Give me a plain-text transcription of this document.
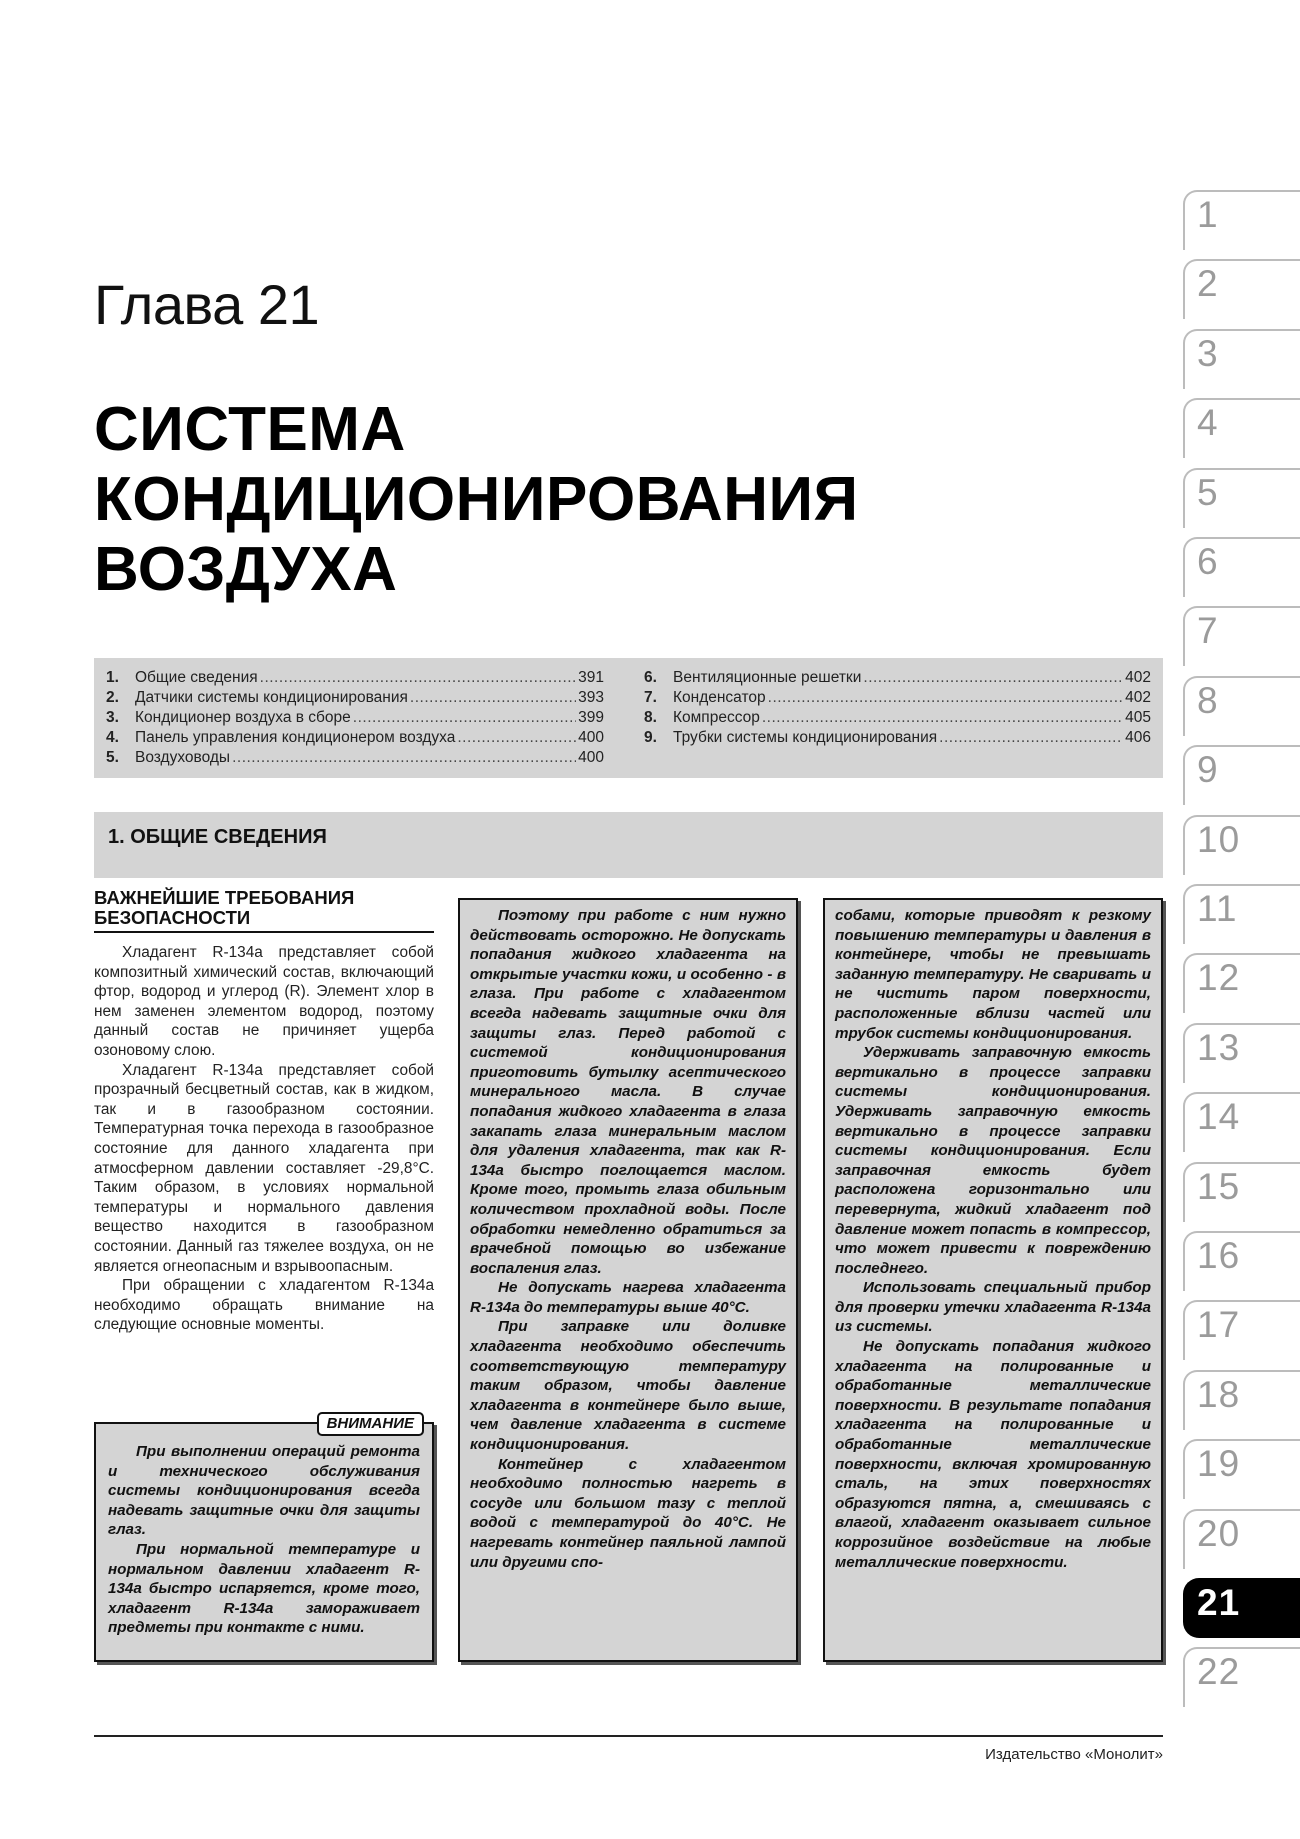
Глава 21
СИСТЕМА
КОНДИЦИОНИРОВАНИЯ
ВОЗДУХА
1.	Общие сведения .....	391
2.	Датчики системы кондиционирования .....	393
3.	Кондиционер воздуха в сборе .....	399
4.	Панель управления кондиционером воздуха .....	400
5.	Воздуховоды .....	400
6.	Вентиляционные решетки .....	402
7.	Конденсатор .....	402
8.	Компрессор .....	405
9.	Трубки системы кондиционирования .....	406
1. ОБЩИЕ СВЕДЕНИЯ
ВАЖНЕЙШИЕ ТРЕБОВАНИЯ
БЕЗОПАСНОСТИ

Хладагент R-134a представляет собой композитный химический состав, включающий фтор, водород и углерод (R). Элемент хлор в нем заменен элементом водород, поэтому данный состав не причиняет ущерба озоновому слою.

Хладагент R-134a представляет собой прозрачный бесцветный состав, как в жидком, так и в газообразном состоянии. Температурная точка перехода в газообразное состояние для данного хладагента при атмосферном давлении составляет -29,8°C. Таким образом, в условиях нормальной температуры и нормального давления вещество находится в газообразном состоянии. Данный газ тяжелее воздуха, он не является огнеопасным и взрывоопасным.

При обращении с хладагентом R-134a необходимо обращать внимание на следующие основные моменты.

ВНИМАНИЕ

При выполнении операций ремонта и технического обслуживания системы кондиционирования всегда надевать защитные очки для защиты глаз.

При нормальной температуре и нормальном давлении хладагент R-134a быстро испаряется, кроме того, хладагент R-134a замораживает предметы при контакте с ними.

Поэтому при работе с ним нужно действовать осторожно. Не допускать попадания жидкого хладагента на открытые участки кожи, и особенно - в глаза. При работе с хладагентом всегда надевать защитные очки для защиты глаз. Перед работой с системой кондиционирования приготовить бутылку асептического минерального масла. В случае попадания жидкого хладагента в глаза закапать глаза минеральным маслом для удаления хладагента, так как R-134a быстро поглощается маслом. Кроме того, промыть глаза обильным количеством прохладной воды. После обработки немедленно обратиться за врачебной помощью во избежание воспаления глаз.

Не допускать нагрева хладагента R-134a до температуры выше 40°C.

При заправке или доливке хладагента необходимо обеспечить соответствующую температуру таким образом, чтобы давление хладагента в контейнере было выше, чем давление хладагента в системе кондиционирования.

Контейнер с хладагентом необходимо полностью нагреть в сосуде или большом тазу с теплой водой с температурой до 40°C. Не нагревать контейнер паяльной лампой или другими спо-

собами, которые приводят к резкому повышению температуры и давления в контейнере, чтобы не превышать заданную температуру. Не сваривать и не чистить паром поверхности, расположенные вблизи частей или трубок системы кондиционирования.

Удерживать заправочную емкость вертикально в процессе заправки системы кондиционирования. Удерживать заправочную емкость вертикально в процессе заправки системы кондиционирования. Если заправочная емкость будет расположена горизонтально или перевернута, жидкий хладагент под давление может попасть в компрессор, что может привести к повреждению последнего.

Использовать специальный прибор для проверки утечки хладагента R-134a из системы.

Не допускать попадания жидкого хладагента на полированные и обработанные металлические поверхности. В результате попадания хладагента на полированные и обработанные металлические поверхности, включая хромированную сталь, на этих поверхностях образуются пятна, а, смешиваясь с влагой, хладагент оказывает сильное коррозийное воздействие на любые металлические поверхности.

1
2
3
4
5
6
7
8
9
10
11
12
13
14
15
16
17
18
19
20
21
22
Издательство «Монолит»
